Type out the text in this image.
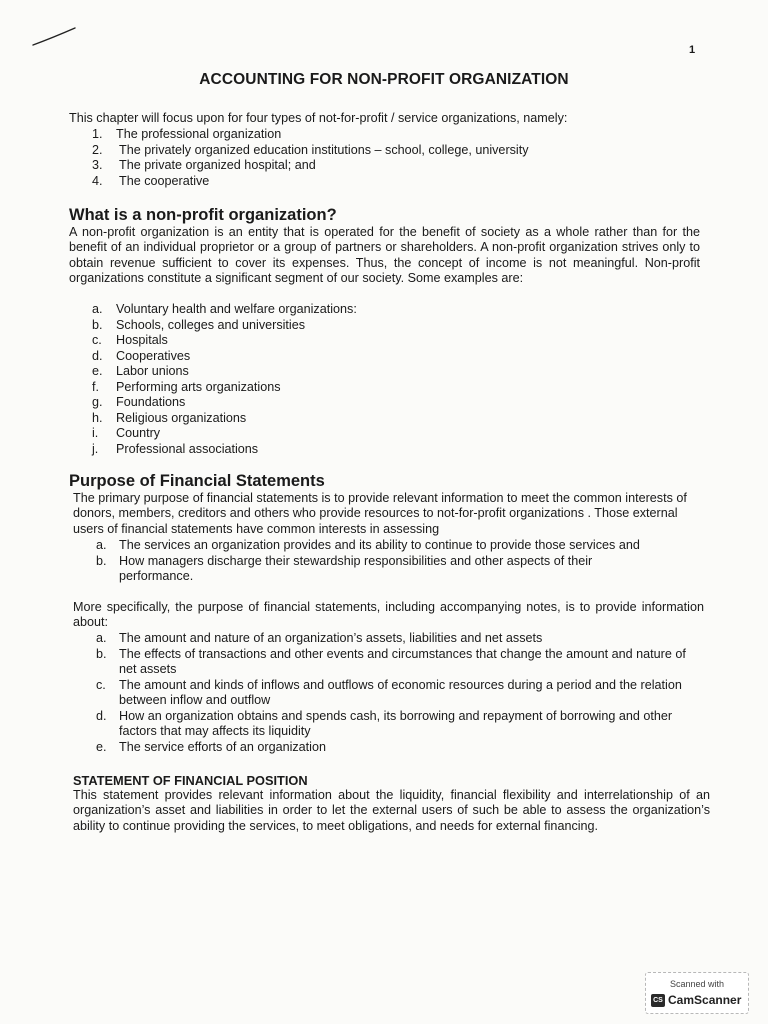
1
ACCOUNTING FOR NON-PROFIT ORGANIZATION

This chapter will focus upon for four types of not-for-profit / service organizations, namely:

1. The professional organization
2. The privately organized education institutions – school, college, university
3. The private organized hospital; and
4. The cooperative
What is a non-profit organization?

A non-profit organization is an entity that is operated for the benefit of society as a whole rather than for the benefit of an individual proprietor or a group of partners or shareholders. A non-profit organization strives only to obtain revenue sufficient to cover its expenses. Thus, the concept of income is not meaningful. Non-profit organizations constitute a significant segment of our society. Some examples are:

a. Voluntary health and welfare organizations:
b. Schools, colleges and universities
c. Hospitals
d. Cooperatives
e. Labor unions
f. Performing arts organizations
g. Foundations
h. Religious organizations
i. Country
j. Professional associations
Purpose of Financial Statements

The primary purpose of financial statements is to provide relevant information to meet the common interests of donors, members, creditors and others who provide resources to not-for-profit organizations . Those external users of financial statements have common interests in assessing

a. The services an organization provides and its ability to continue to provide those services and
b. How managers discharge their stewardship responsibilities and other aspects of their performance.

More specifically, the purpose of financial statements, including accompanying notes, is to provide information about:

a. The amount and nature of an organization’s assets, liabilities and net assets
b. The effects of transactions and other events and circumstances that change the amount and nature of net assets
c. The amount and kinds of inflows and outflows of economic resources during a period and the relation between inflow and outflow
d. How an organization obtains and spends cash, its borrowing and repayment of borrowing and other factors that may affects its liquidity
e. The service efforts of an organization
STATEMENT OF FINANCIAL POSITION

This statement provides relevant information about the liquidity, financial flexibility and interrelationship of an organization’s asset and liabilities in order to let the external users of such be able to assess the organization’s ability to continue providing the services, to meet obligations, and needs for external financing.

Scanned with
CS CamScanner
